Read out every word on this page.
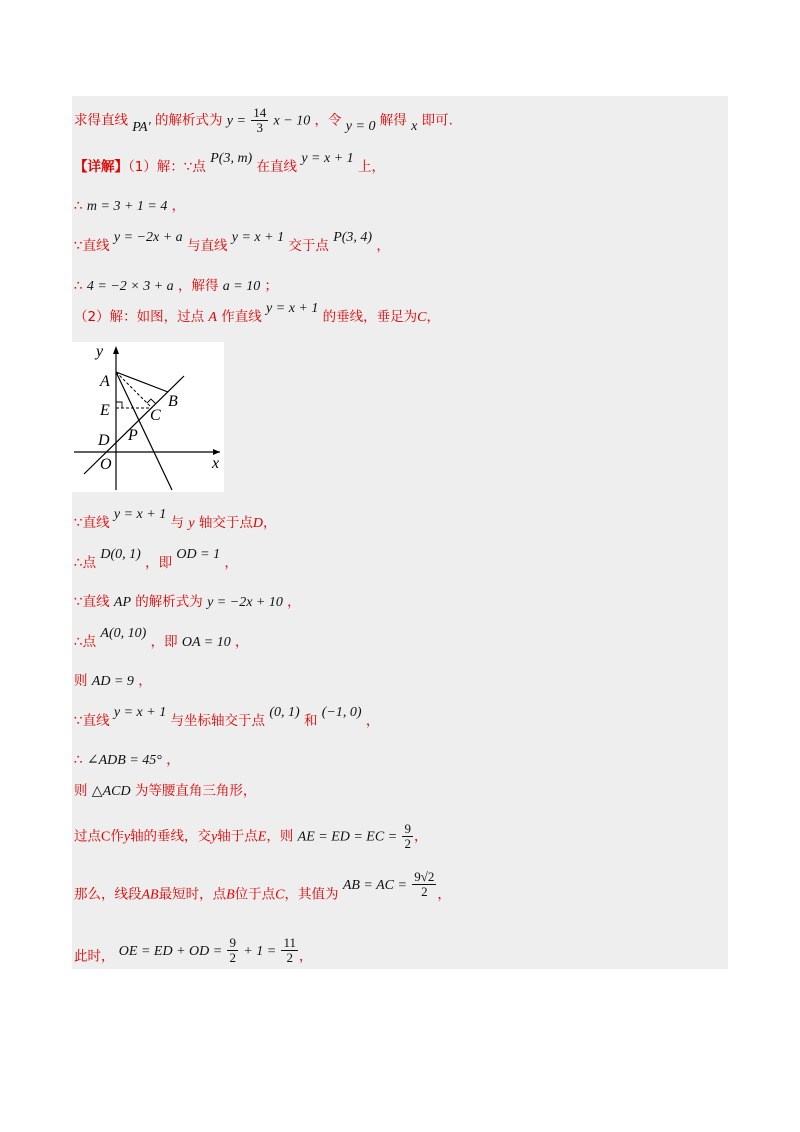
求得直线 PA′ 的解析式为 $y = \frac{14}{3}$ x − 10 ，令 y = 0 解得 x 即可.
【详解】（1）解：∵点 P(3, m) 在直线 y = x + 1 上，
∴ m = 3 + 1 = 4 ，
∵直线 y = −2x + a 与直线 y = x + 1 交于点 P(3, 4) ，
∴ 4 = −2 × 3 + a ，解得 a = 10 ；
（2）解：如图，过点 A 作直线 y = x + 1 的垂线，垂足为C，
y
x
A
B
C
E
D P
O
∵直线 y = x + 1 与 y 轴交于点D，
∴点 D(0, 1) ，即 OD = 1 ，
∵直线 AP 的解析式为 y = −2x + 10 ，
∴点 A(0, 10) ，即 OA = 10 ，
则 AD = 9 ，
∵直线 y = x + 1 与坐标轴交于点 (0, 1) 和 (−1, 0) ，
∴ ∠ADB = 45° ，
则 △ACD 为等腰直角三角形，
过点C作y轴的垂线，交y轴于点E，则 AE = ED = EC = $\frac{9}{2}$ ，
那么，线段AB最短时，点B位于点C，其值为 AB = AC = $\frac{9√2}{2}$ ，
此时， OE = ED + OD = $\frac{9}{2} + 1 = \frac{11}{2}$ ，
